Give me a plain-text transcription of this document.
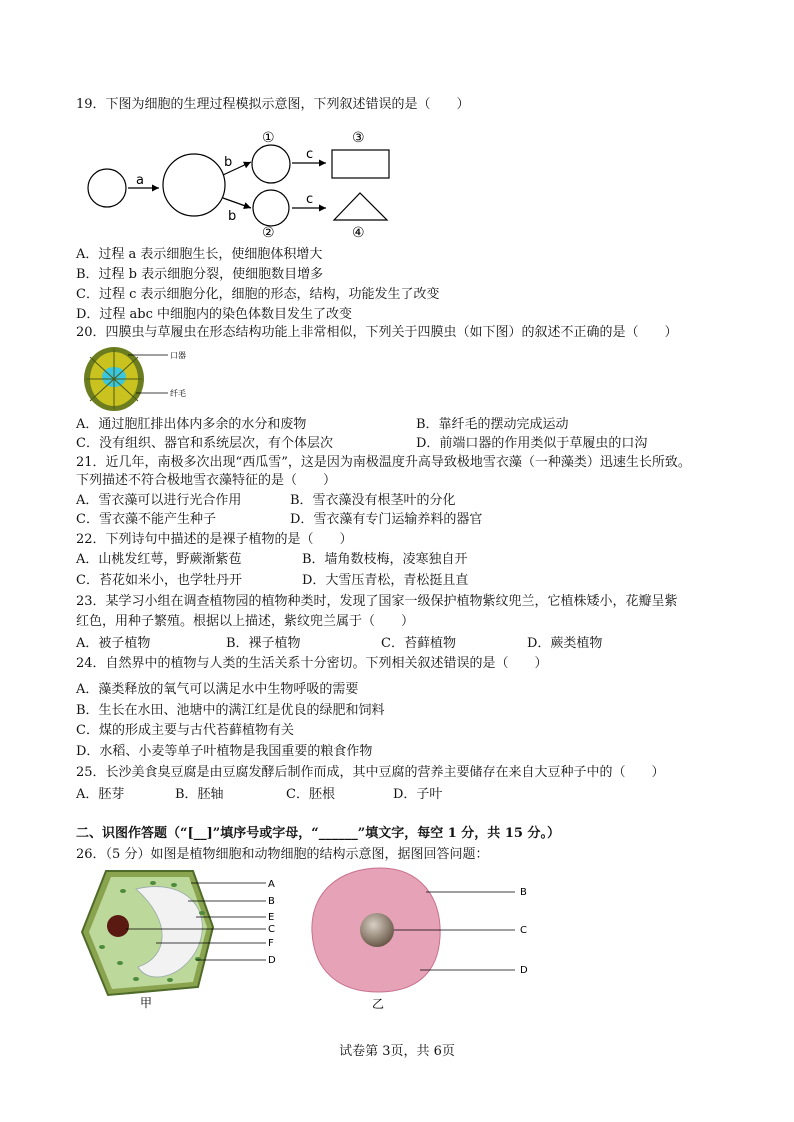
19．下图为细胞的生理过程模拟示意图，下列叙述错误的是（　　）
a
b
b
①
②
c
c
③
④
A．过程 a 表示细胞生长，使细胞体积增大
B．过程 b 表示细胞分裂，使细胞数目增多
C．过程 c 表示细胞分化，细胞的形态，结构，功能发生了改变
D．过程 abc 中细胞内的染色体数目发生了改变
20．四膜虫与草履虫在形态结构功能上非常相似，下列关于四膜虫（如下图）的叙述不正确的是（　　）
口器
纤毛
A．通过胞肛排出体内多余的水分和废物	B．靠纤毛的摆动完成运动
C．没有组织、器官和系统层次，有个体层次	D．前端口器的作用类似于草履虫的口沟
21．近几年，南极多次出现“西瓜雪”，这是因为南极温度升高导致极地雪衣藻（一种藻类）迅速生长所致。
下列描述不符合极地雪衣藻特征的是（　　）
A．雪衣藻可以进行光合作用	B．雪衣藻没有根茎叶的分化
C．雪衣藻不能产生种子	D．雪衣藻有专门运输养料的器官
22．下列诗句中描述的是裸子植物的是（　　）
A．山桃发红萼，野蕨渐紫苞	B．墙角数枝梅，凌寒独自开
C．苔花如米小，也学牡丹开	D．大雪压青松，青松挺且直
23．某学习小组在调查植物园的植物种类时，发现了国家一级保护植物紫纹兜兰，它植株矮小，花瓣呈紫
红色，用种子繁殖。根据以上描述，紫纹兜兰属于（　　）
A．被子植物	B．裸子植物	C．苔藓植物	D．蕨类植物
24．自然界中的植物与人类的生活关系十分密切。下列相关叙述错误的是（　　）
A．藻类释放的氧气可以满足水中生物呼吸的需要
B．生长在水田、池塘中的满江红是优良的绿肥和饲料
C．煤的形成主要与古代苔藓植物有关
D．水稻、小麦等单子叶植物是我国重要的粮食作物
25．长沙美食臭豆腐是由豆腐发酵后制作而成，其中豆腐的营养主要储存在来自大豆种子中的（　　）
A．胚芽	B．胚轴	C．胚根	D．子叶
二、识图作答题（“[__]”填序号或字母，“______”填文字，每空 1 分，共 15 分。）
26．（5 分）如图是植物细胞和动物细胞的结构示意图，据图回答问题：
A
B
E
C
F
D
甲
B
C
D
乙
试卷第 3页，共 6页
